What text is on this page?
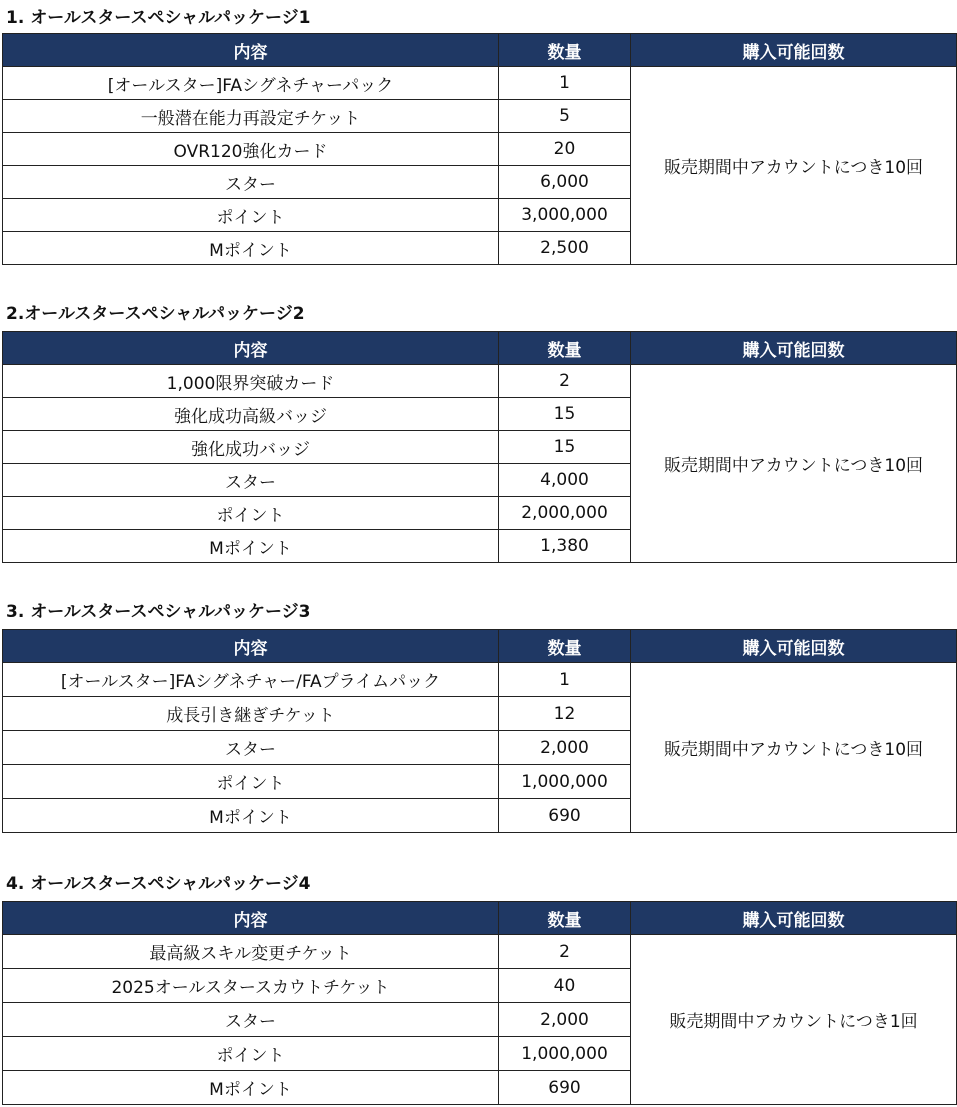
1. オールスタースペシャルパッケージ1
内容	数量	購入可能回数
[オールスター]FAシグネチャーパック	1	販売期間中アカウントにつき10回
一般潜在能力再設定チケット	5	
OVR120強化カード	20	
スター	6,000	
ポイント	3,000,000	
Mポイント	2,500	
2.オールスタースペシャルパッケージ2
内容	数量	購入可能回数
1,000限界突破カード	2	販売期間中アカウントにつき10回
強化成功高級バッジ	15	
強化成功バッジ	15	
スター	4,000	
ポイント	2,000,000	
Mポイント	1,380	
3. オールスタースペシャルパッケージ3
内容	数量	購入可能回数
[オールスター]FAシグネチャー/FAプライムパック	1	販売期間中アカウントにつき10回
成長引き継ぎチケット	12	
スター	2,000	
ポイント	1,000,000	
Mポイント	690	
4. オールスタースペシャルパッケージ4
内容	数量	購入可能回数
最高級スキル変更チケット	2	販売期間中アカウントにつき1回
2025オールスタースカウトチケット	40	
スター	2,000	
ポイント	1,000,000	
Mポイント	690	
